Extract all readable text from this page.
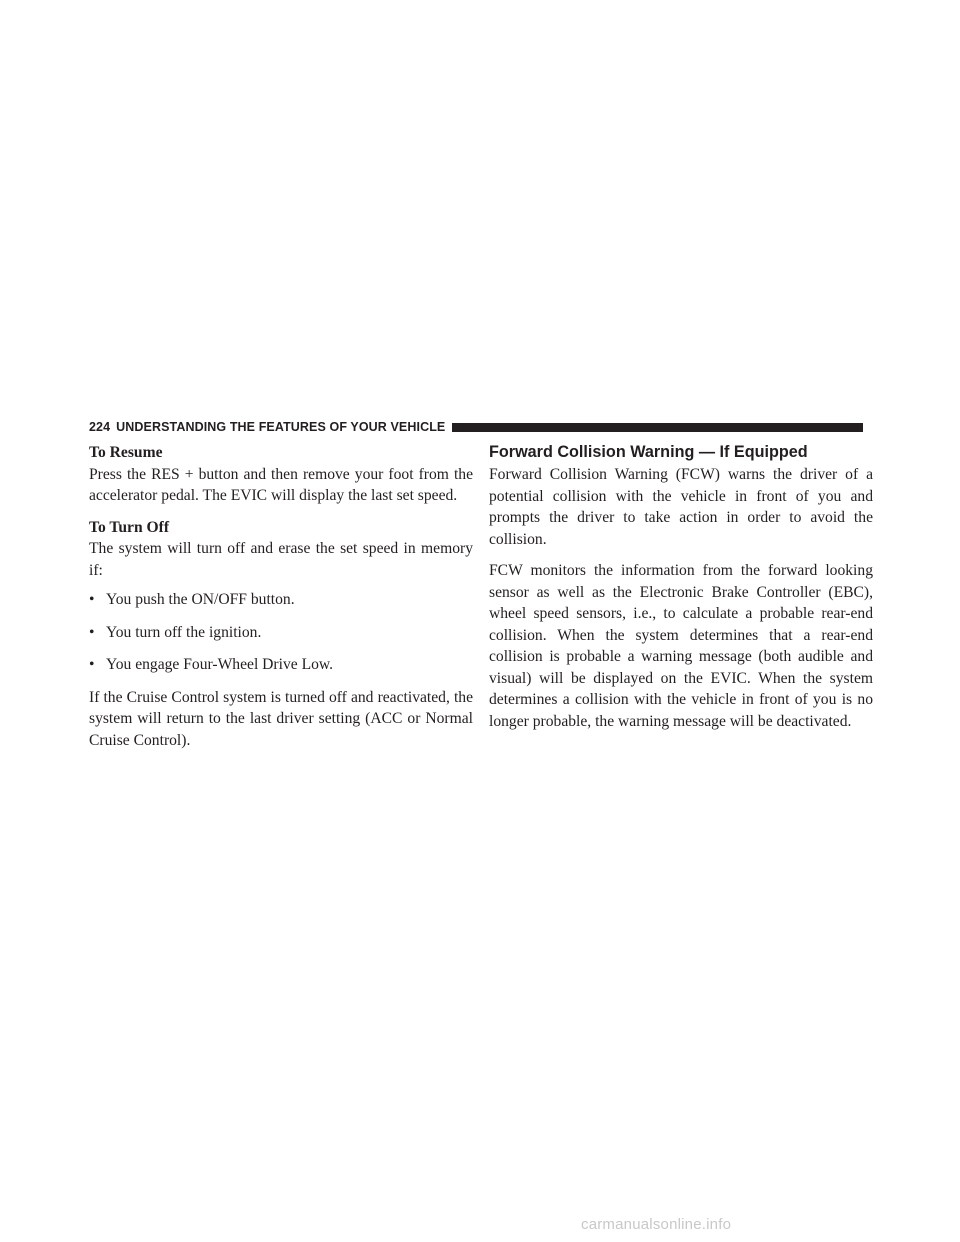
224 UNDERSTANDING THE FEATURES OF YOUR VEHICLE

To Resume

Press the RES + button and then remove your foot from the accelerator pedal. The EVIC will display the last set speed.

To Turn Off

The system will turn off and erase the set speed in memory if:

• You push the ON/OFF button.
• You turn off the ignition.
• You engage Four-Wheel Drive Low.

If the Cruise Control system is turned off and reactivated, the system will return to the last driver setting (ACC or Normal Cruise Control).

Forward Collision Warning — If Equipped

Forward Collision Warning (FCW) warns the driver of a potential collision with the vehicle in front of you and prompts the driver to take action in order to avoid the collision.

FCW monitors the information from the forward looking sensor as well as the Electronic Brake Controller (EBC), wheel speed sensors, i.e., to calculate a probable rear-end collision. When the system determines that a rear-end collision is probable a warning message (both audible and visual) will be displayed on the EVIC. When the system determines a collision with the vehicle in front of you is no longer probable, the warning message will be deactivated.

carmanualsonline.info
